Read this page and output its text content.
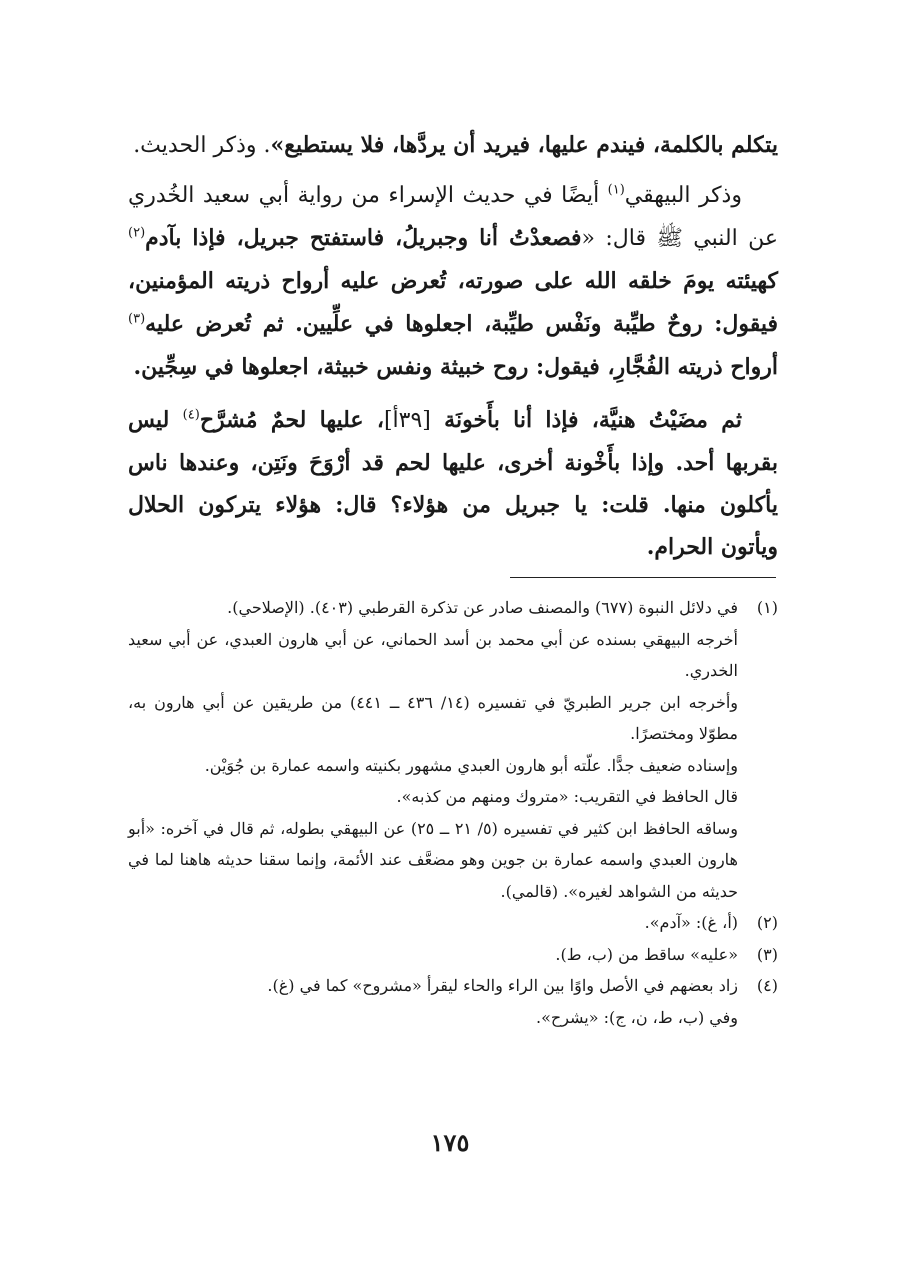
يتكلم بالكلمة، فيندم عليها، فيريد أن يردَّها، فلا يستطيع». وذكر الحديث.

وذكر البيهقي$^{(١)}$ أيضًا في حديث الإسراء من رواية أبي سعيد الخُدري عن النبي ﷺ قال: «فصعدْتُ أنا وجبريلُ، فاستفتح جبريل، فإذا بآدم$^{(٢)}$ كهيئته يومَ خلقه الله على صورته، تُعرض عليه أرواح ذريته المؤمنين، فيقول: روحٌ طيِّبة ونَفْس طيِّبة، اجعلوها في علِّيين. ثم تُعرض عليه$^{(٣)}$ أرواح ذريته الفُجَّارِ، فيقول: روح خبيثة ونفس خبيثة، اجعلوها في سِجِّين.

ثم مضَيْتُ هنيَّة، فإذا أنا بأَخونَة [٣٩أ]، عليها لحمٌ مُشرَّح$^{(٤)}$ ليس بقربها أحد. وإذا بأَخْونة أخرى، عليها لحم قد أرْوَحَ ونَتِن، وعندها ناس يأكلون منها. قلت: يا جبريل من هؤلاء؟ قال: هؤلاء يتركون الحلال ويأتون الحرام.

(١)

في دلائل النبوة (٦٧٧) والمصنف صادر عن تذكرة القرطبي (٤٠٣). (الإصلاحي).

أخرجه البيهقي بسنده عن أبي محمد بن أسد الحماني، عن أبي هارون العبدي، عن أبي سعيد الخدري.

وأخرجه ابن جرير الطبريّ في تفسيره (١٤/ ٤٣٦ ــ ٤٤١) من طريقين عن أبي هارون به، مطوّلا ومختصرًا.

وإسناده ضعيف جدًّا. علّته أبو هارون العبدي مشهور بكنيته واسمه عمارة بن جُوَيْن.

قال الحافظ في التقريب: «متروك ومنهم من كذبه».

وساقه الحافظ ابن كثير في تفسيره (٥/ ٢١ ــ ٢٥) عن البيهقي بطوله، ثم قال في آخره: «أبو هارون العبدي واسمه عمارة بن جوين وهو مضعَّف عند الأئمة، وإنما سقنا حديثه هاهنا لما في حديثه من الشواهد لغيره». (قالمي).

(٢)

(أ، غ): «آدم».

(٣)

«عليه» ساقط من (ب، ط).

(٤)

زاد بعضهم في الأصل واوًا بين الراء والحاء ليقرأ «مشروح» كما في (غ).

وفي (ب، ط، ن، ج): «يشرح».

١٧٥
